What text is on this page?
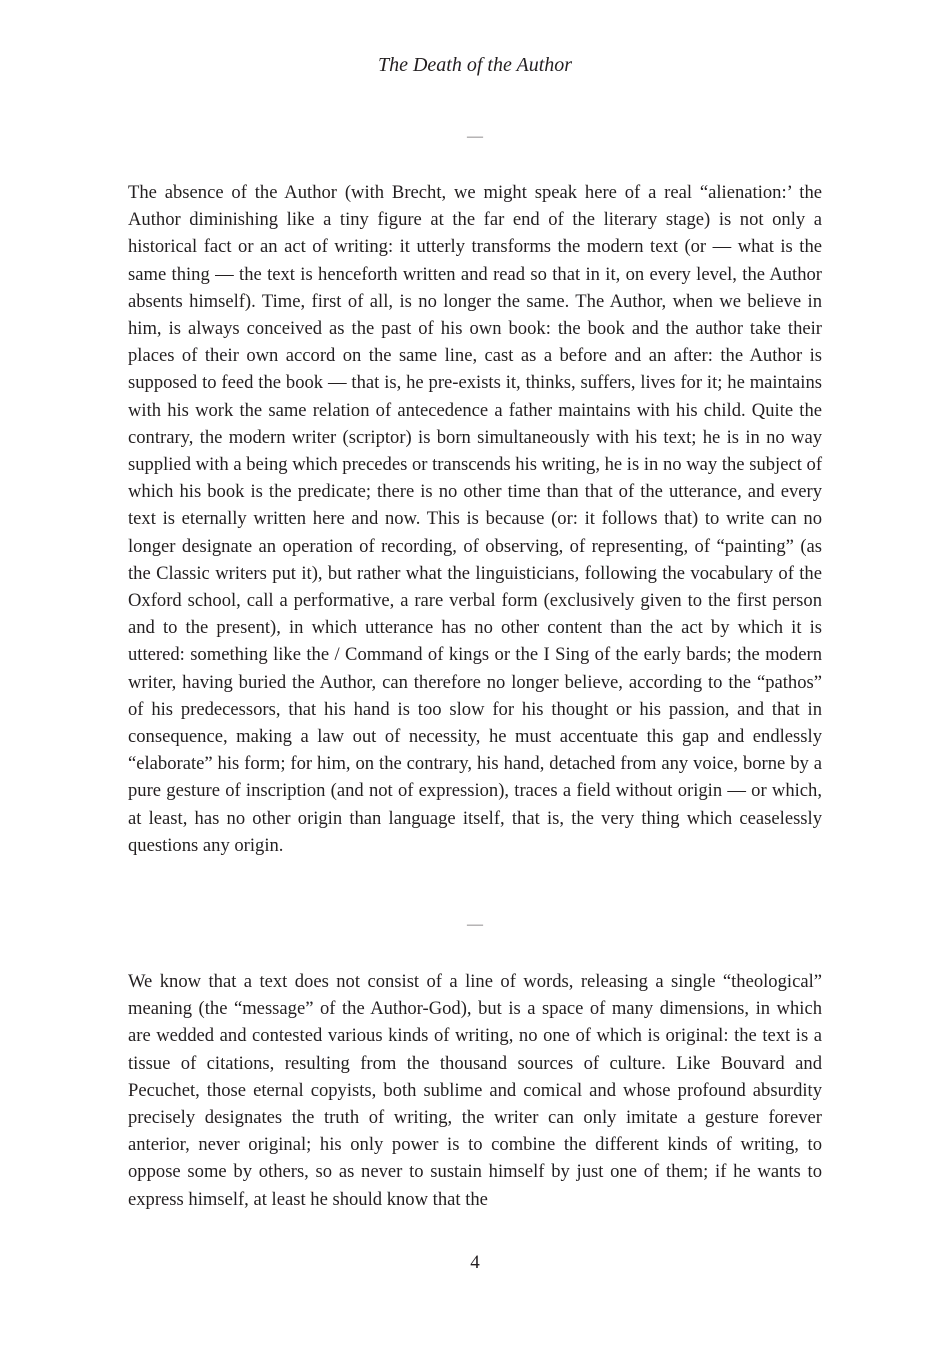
The Death of the Author
—

The absence of the Author (with Brecht, we might speak here of a real “alienation:’ the Author diminishing like a tiny figure at the far end of the literary stage) is not only a historical fact or an act of writing: it utterly transforms the modern text (or — what is the same thing — the text is henceforth written and read so that in it, on every level, the Author absents himself). Time, first of all, is no longer the same. The Author, when we believe in him, is always conceived as the past of his own book: the book and the author take their places of their own accord on the same line, cast as a before and an after: the Author is supposed to feed the book — that is, he pre-exists it, thinks, suffers, lives for it; he maintains with his work the same relation of antecedence a father maintains with his child. Quite the contrary, the modern writer (scriptor) is born simultaneously with his text; he is in no way supplied with a being which precedes or transcends his writing, he is in no way the subject of which his book is the predicate; there is no other time than that of the utterance, and every text is eternally written here and now. This is because (or: it follows that) to write can no longer designate an operation of recording, of observing, of representing, of “painting” (as the Classic writers put it), but rather what the linguisticians, following the vocabulary of the Oxford school, call a performative, a rare verbal form (exclusively given to the first person and to the present), in which utterance has no other content than the act by which it is uttered: something like the / Command of kings or the I Sing of the early bards; the modern writer, having buried the Author, can therefore no longer believe, according to the “pathos” of his predecessors, that his hand is too slow for his thought or his passion, and that in consequence, making a law out of necessity, he must accentuate this gap and endlessly “elaborate” his form; for him, on the contrary, his hand, detached from any voice, borne by a pure gesture of inscription (and not of expression), traces a field without origin — or which, at least, has no other origin than language itself, that is, the very thing which ceaselessly questions any origin.

—

We know that a text does not consist of a line of words, releasing a single “theological” meaning (the “message” of the Author-God), but is a space of many dimensions, in which are wedded and contested various kinds of writing, no one of which is original: the text is a tissue of citations, resulting from the thousand sources of culture. Like Bouvard and Pecuchet, those eternal copyists, both sublime and comical and whose profound absurdity precisely designates the truth of writing, the writer can only imitate a gesture forever anterior, never original; his only power is to combine the different kinds of writing, to oppose some by others, so as never to sustain himself by just one of them; if he wants to express himself, at least he should know that the

4
